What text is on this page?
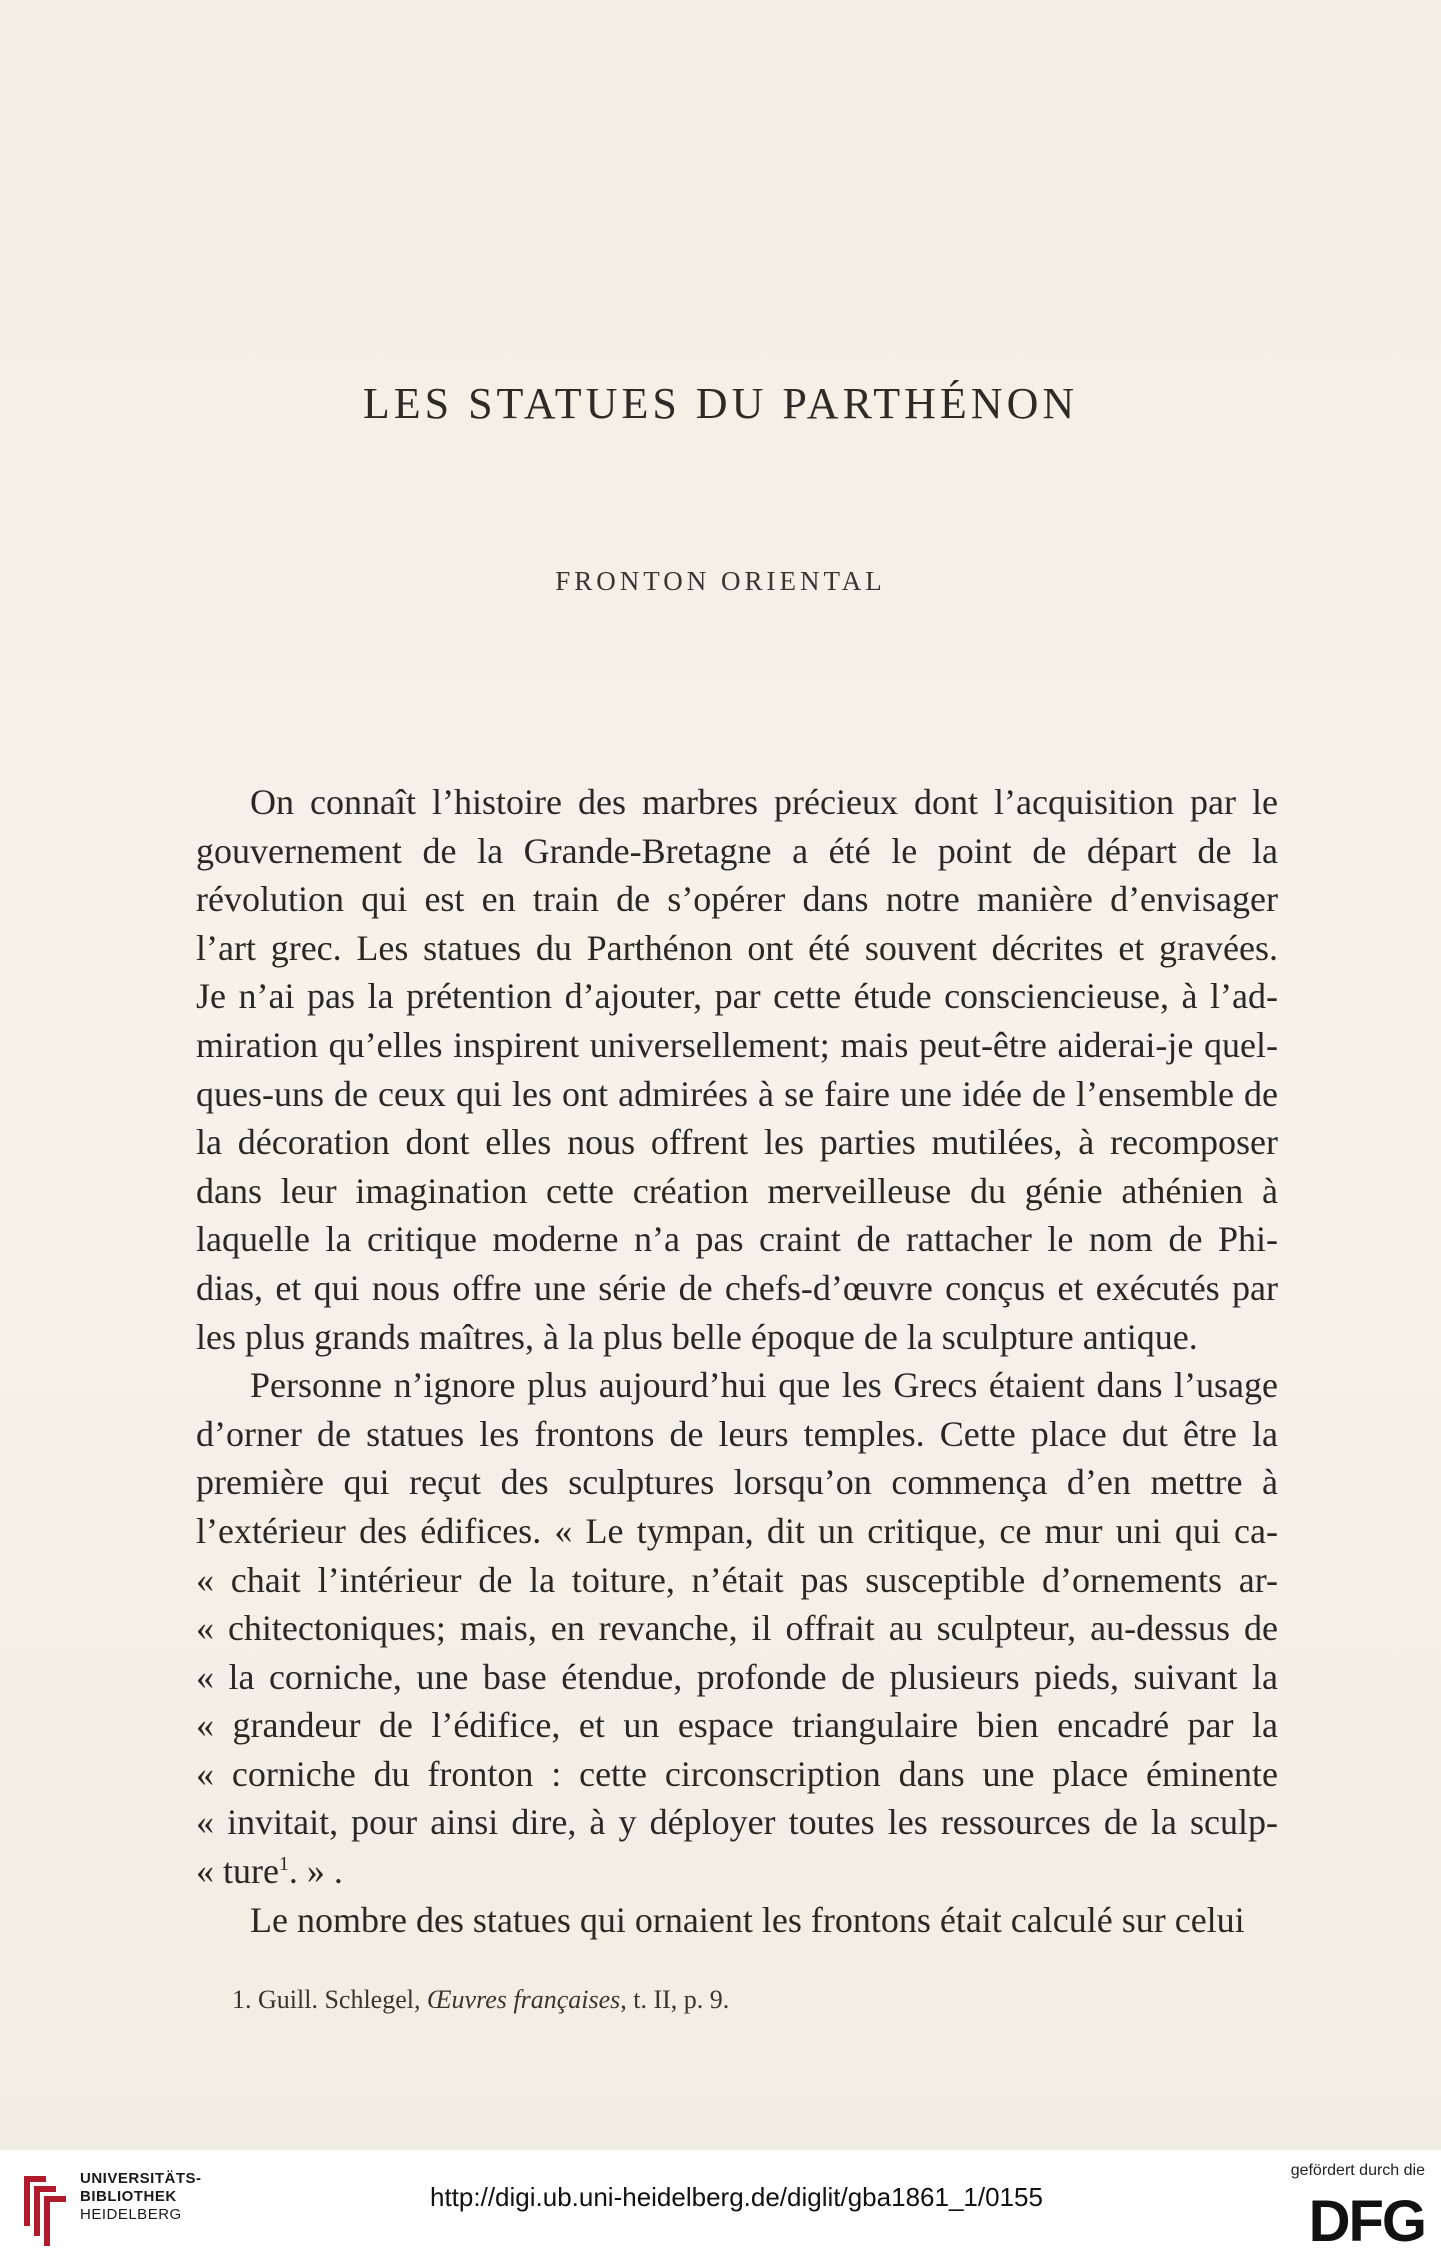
LES STATUES DU PARTHÉNON
FRONTON ORIENTAL
On connaît l’histoire des marbres précieux dont l’acquisition par le
gouvernement de la Grande-Bretagne a été le point de départ de la
révolution qui est en train de s’opérer dans notre manière d’envisager
l’art grec. Les statues du Parthénon ont été souvent décrites et gravées.
Je n’ai pas la prétention d’ajouter, par cette étude consciencieuse, à l’ad-
miration qu’elles inspirent universellement; mais peut-être aiderai-je quel-
ques-uns de ceux qui les ont admirées à se faire une idée de l’ensemble de
la décoration dont elles nous offrent les parties mutilées, à recomposer
dans leur imagination cette création merveilleuse du génie athénien à
laquelle la critique moderne n’a pas craint de rattacher le nom de Phi-
dias, et qui nous offre une série de chefs-d’œuvre conçus et exécutés par
les plus grands maîtres, à la plus belle époque de la sculpture antique.
Personne n’ignore plus aujourd’hui que les Grecs étaient dans l’usage
d’orner de statues les frontons de leurs temples. Cette place dut être la
première qui reçut des sculptures lorsqu’on commença d’en mettre à
l’extérieur des édifices. « Le tympan, dit un critique, ce mur uni qui ca-
« chait l’intérieur de la toiture, n’était pas susceptible d’ornements ar-
« chitectoniques; mais, en revanche, il offrait au sculpteur, au-dessus de
« la corniche, une base étendue, profonde de plusieurs pieds, suivant la
« grandeur de l’édifice, et un espace triangulaire bien encadré par la
« corniche du fronton : cette circonscription dans une place éminente
« invitait, pour ainsi dire, à y déployer toutes les ressources de la sculp-
« ture$^1$. » .
Le nombre des statues qui ornaient les frontons était calculé sur celui
1. Guill. Schlegel, Œuvres françaises, t. II, p. 9.
UNIVERSITÄTS-
BIBLIOTHEK
HEIDELBERG
http://digi.ub.uni-heidelberg.de/diglit/gba1861_1/0155
gefördert durch die
DFG
